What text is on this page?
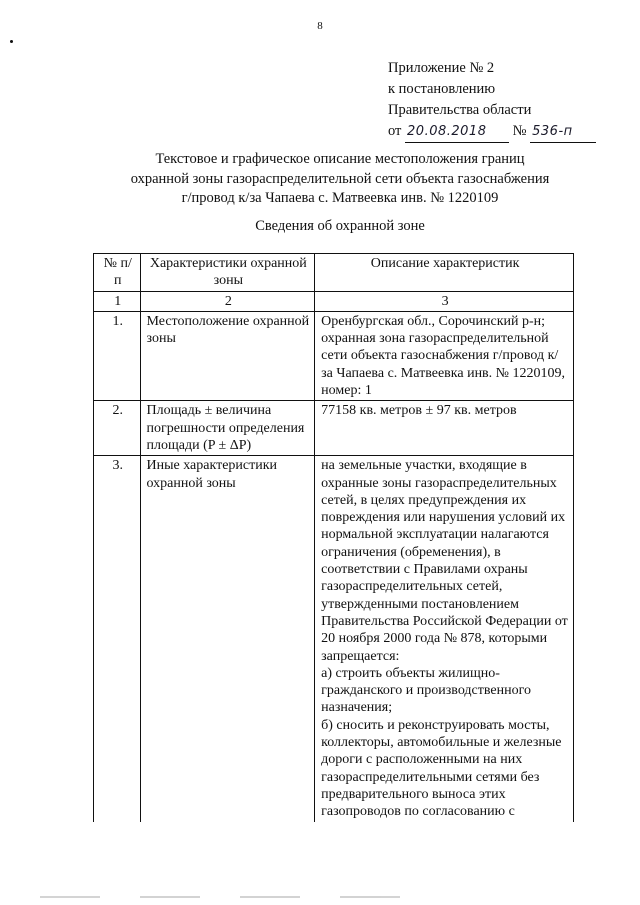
8
Приложение № 2
к постановлению
Правительства области
от 20.08.2018 № 536-п
Текстовое и графическое описание местоположения границ
охранной зоны газораспределительной сети объекта газоснабжения
г/провод к/за Чапаева с. Матвеевка инв. № 1220109
Сведения об охранной зоне
№ п/п	Характеристики охранной зоны	Описание характеристик
1	2	3
1.	Местоположение охранной зоны	Оренбургская обл., Сорочинский р-н; охранная зона газораспределительной сети объекта газоснабжения г/провод к/за Чапаева с. Матвеевка инв. № 1220109, номер: 1
2.	Площадь ± величина погрешности определения площади (P ± ΔP)	77158 кв. метров ± 97 кв. метров
3.	Иные характеристики охранной зоны	на земельные участки, входящие в охранные зоны газораспределительных сетей, в целях предупреждения их повреждения или нарушения условий их нормальной эксплуатации налагаются ограничения (обременения), в соответствии с Правилами охраны газораспределительных сетей, утвержденными постановлением Правительства Российской Федерации от 20 ноября 2000 года № 878, которыми запрещается:
а) строить объекты жилищно-гражданского и производственного назначения;
б) сносить и реконструировать мосты, коллекторы, автомобильные и железные дороги с расположенными на них газораспределительными сетями без предварительного выноса этих газопроводов по согласованию с
